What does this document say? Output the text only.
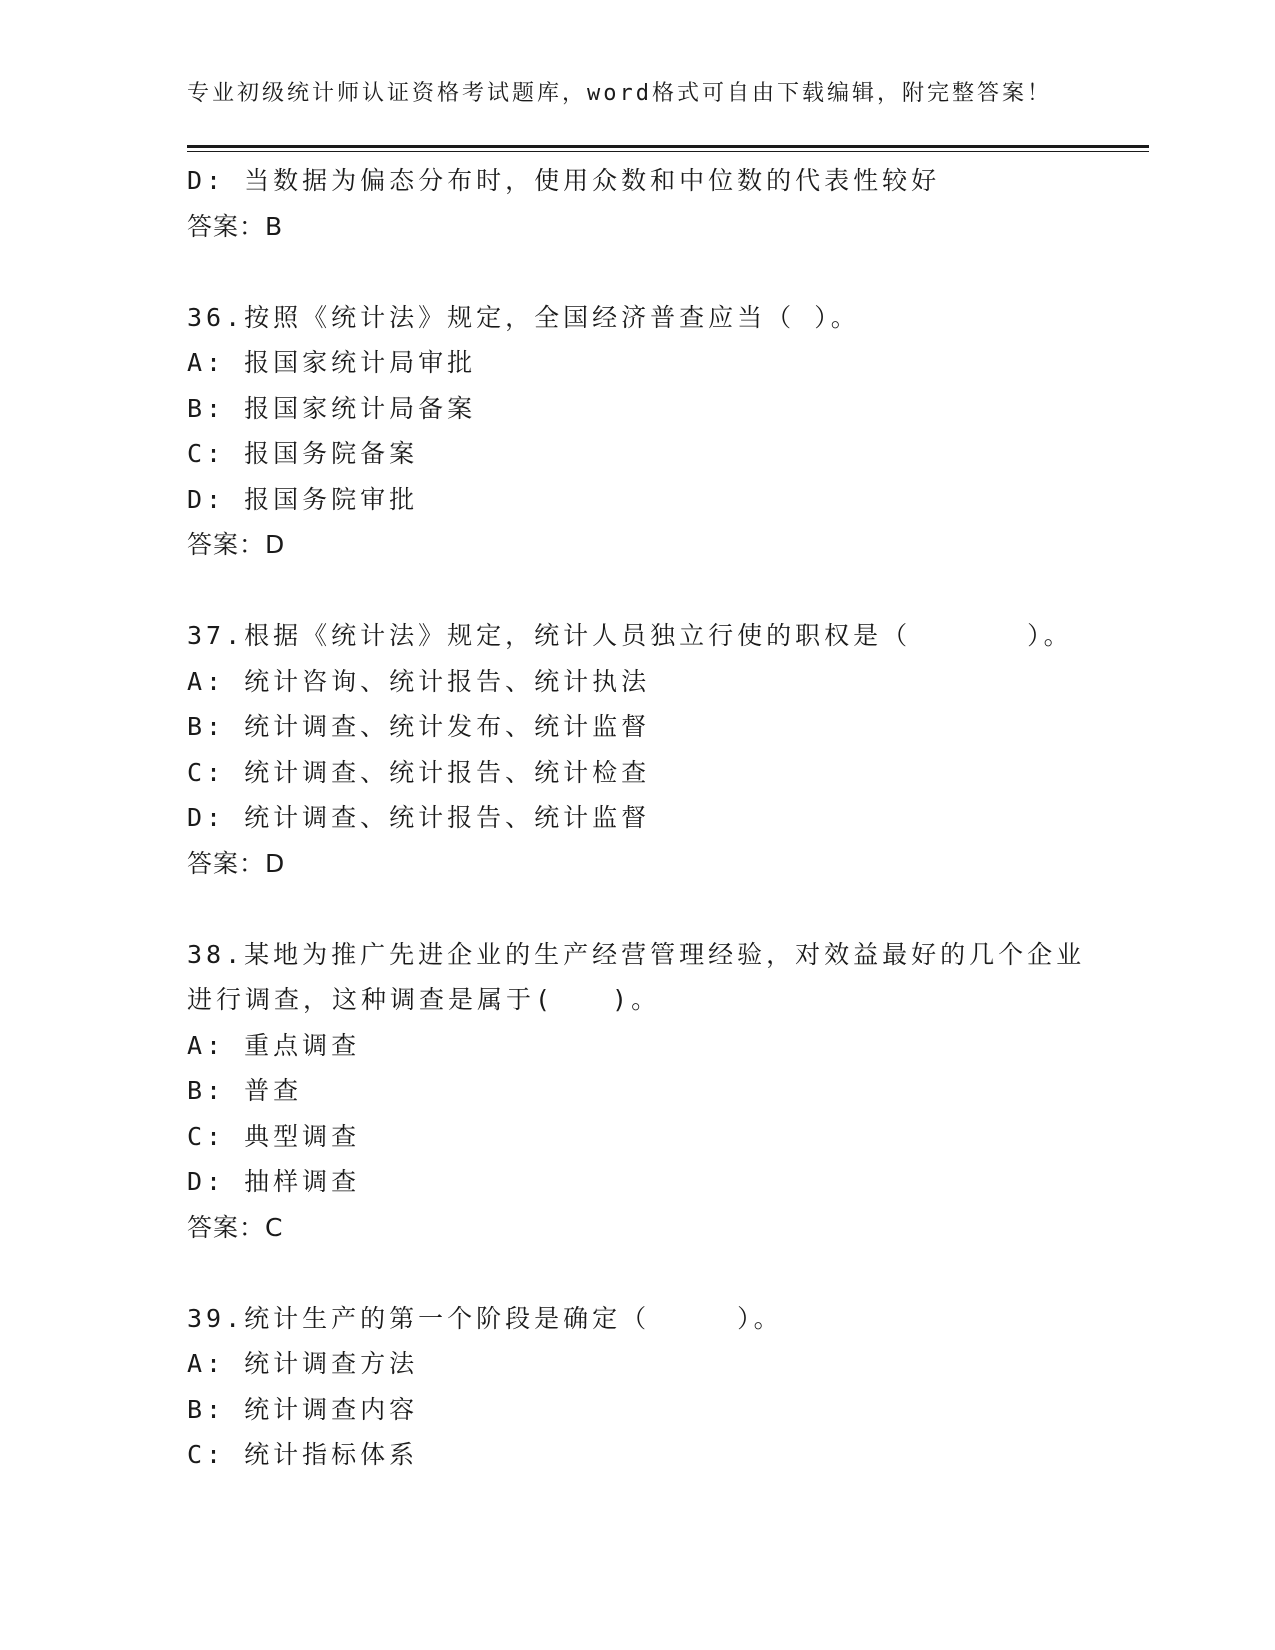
专业初级统计师认证资格考试题库，word格式可自由下载编辑，附完整答案！
D: 当数据为偏态分布时，使用众数和中位数的代表性较好
答案：B
36.按照《统计法》规定，全国经济普查应当（ ）。
A: 报国家统计局审批
B: 报国家统计局备案
C: 报国务院备案
D: 报国务院审批
答案：D
37.根据《统计法》规定，统计人员独立行使的职权是（　　　　）。
A: 统计咨询、统计报告、统计执法
B: 统计调查、统计发布、统计监督
C: 统计调查、统计报告、统计检查
D: 统计调查、统计报告、统计监督
答案：D
38.某地为推广先进企业的生产经营管理经验，对效益最好的几个企业
进行调查，这种调查是属于(　　)。
A: 重点调查
B: 普查
C: 典型调查
D: 抽样调查
答案：C
39.统计生产的第一个阶段是确定（　　　）。
A: 统计调查方法
B: 统计调查内容
C: 统计指标体系
